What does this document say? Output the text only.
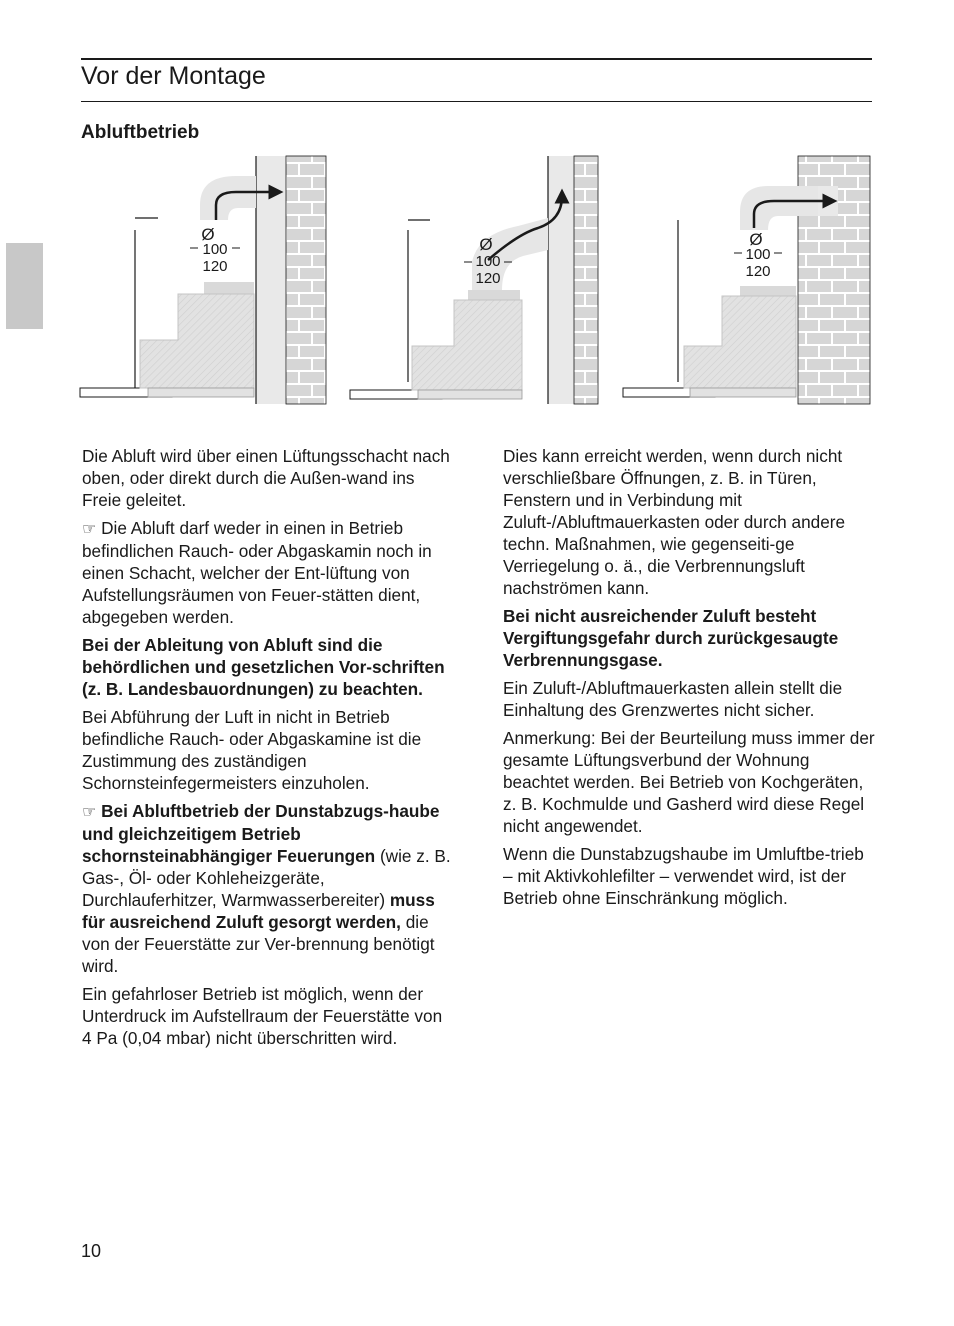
Vor der Montage
Abluftbetrieb
Ø
100
120
Ø
100
120
Ø
100
120

Die Abluft wird über einen Lüftungsschacht nach oben, oder direkt durch die Außen-wand ins Freie geleitet.

☞ Die Abluft darf weder in einen in Betrieb befindlichen Rauch- oder Abgaskamin noch in einen Schacht, welcher der Ent-lüftung von Aufstellungsräumen von Feuer-stätten dient, abgegeben werden.

Bei der Ableitung von Abluft sind die behördlichen und gesetzlichen Vor-schriften (z. B. Landesbauordnungen) zu beachten.

Bei Abführung der Luft in nicht in Betrieb befindliche Rauch- oder Abgaskamine ist die Zustimmung des zuständigen Schornsteinfegermeisters einzuholen.

☞ Bei Abluftbetrieb der Dunstabzugs-haube und gleichzeitigem Betrieb schornsteinabhängiger Feuerungen (wie z. B. Gas-, Öl- oder Kohleheizgeräte, Durchlauferhitzer, Warmwasserbereiter) muss für ausreichend Zuluft gesorgt werden, die von der Feuerstätte zur Ver-brennung benötigt wird.

Ein gefahrloser Betrieb ist möglich, wenn der Unterdruck im Aufstellraum der Feuerstätte von 4 Pa (0,04 mbar) nicht überschritten wird.

Dies kann erreicht werden, wenn durch nicht verschließbare Öffnungen, z. B. in Türen, Fenstern und in Verbindung mit Zuluft-/Abluftmauerkasten oder durch andere techn. Maßnahmen, wie gegenseiti-ge Verriegelung o. ä., die Verbrennungsluft nachströmen kann.

Bei nicht ausreichender Zuluft besteht Vergiftungsgefahr durch zurückgesaugte Verbrennungsgase.

Ein Zuluft-/Abluftmauerkasten allein stellt die Einhaltung des Grenzwertes nicht sicher.

Anmerkung: Bei der Beurteilung muss immer der gesamte Lüftungsverbund der Wohnung beachtet werden. Bei Betrieb von Kochgeräten, z. B. Kochmulde und Gasherd wird diese Regel nicht angewendet.

Wenn die Dunstabzugshaube im Umluftbe-trieb – mit Aktivkohlefilter – verwendet wird, ist der Betrieb ohne Einschränkung möglich.

10
